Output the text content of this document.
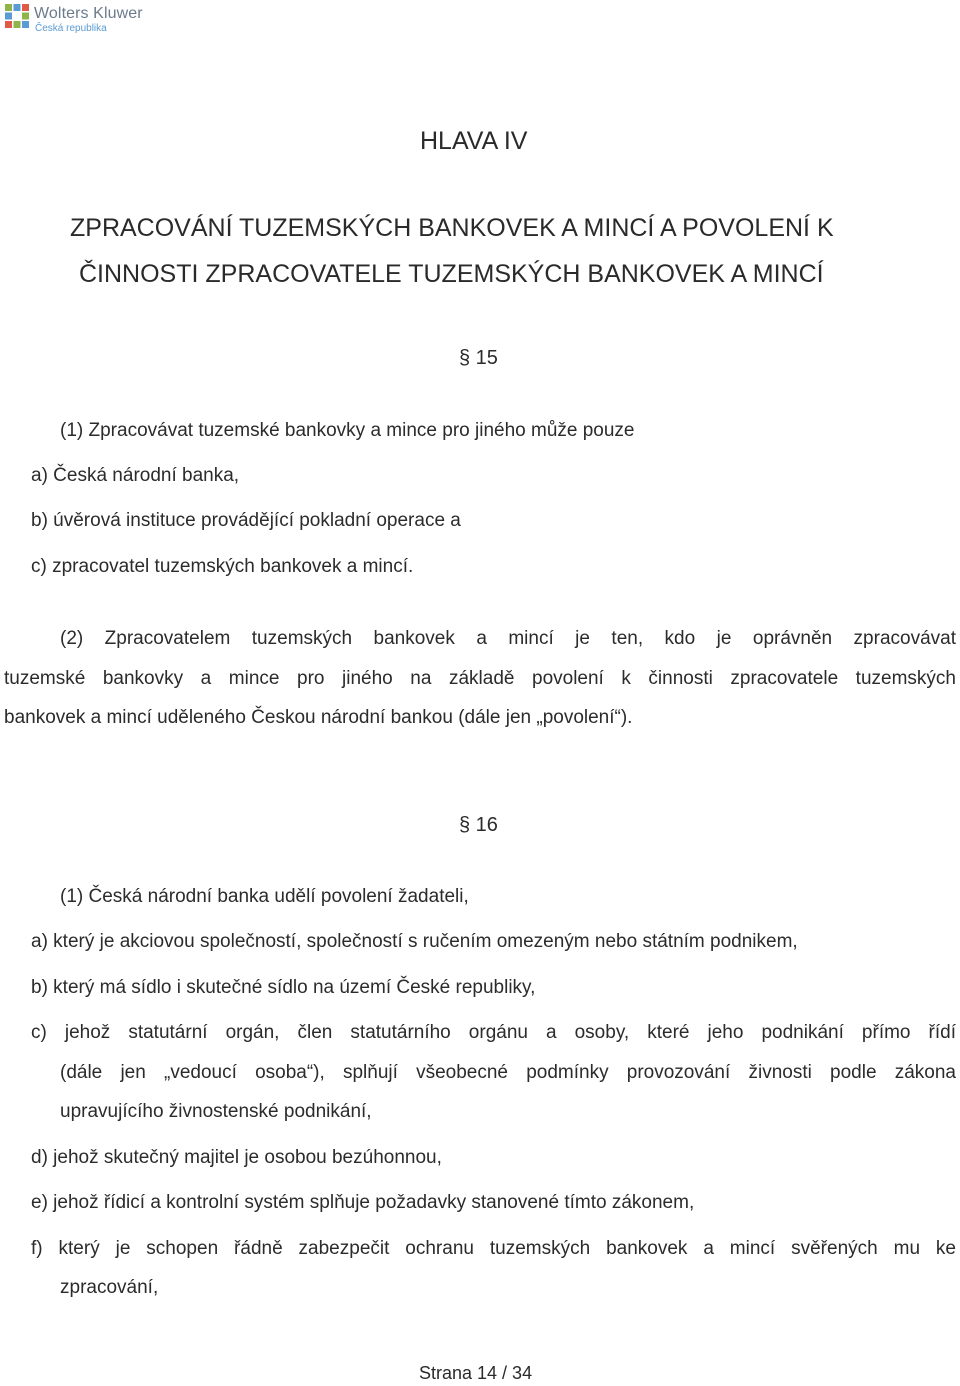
Wolters Kluwer
Česká republika
HLAVA IV
ZPRACOVÁNÍ TUZEMSKÝCH BANKOVEK A MINCÍ A POVOLENÍ K
ČINNOSTI ZPRACOVATELE TUZEMSKÝCH BANKOVEK A MINCÍ
§ 15
(1) Zpracovávat tuzemské bankovky a mince pro jiného může pouze
a) Česká národní banka,
b) úvěrová instituce provádějící pokladní operace a
c) zpracovatel tuzemských bankovek a mincí.
(2) Zpracovatelem tuzemských bankovek a mincí je ten, kdo je oprávněn zpracovávat
tuzemské bankovky a mince pro jiného na základě povolení k činnosti zpracovatele tuzemských
bankovek a mincí uděleného Českou národní bankou (dále jen „povolení“).
§ 16
(1) Česká národní banka udělí povolení žadateli,
a) který je akciovou společností, společností s ručením omezeným nebo státním podnikem,
b) který má sídlo i skutečné sídlo na území České republiky,
c) jehož statutární orgán, člen statutárního orgánu a osoby, které jeho podnikání přímo řídí
(dále jen „vedoucí osoba“), splňují všeobecné podmínky provozování živnosti podle zákona
upravujícího živnostenské podnikání,
d) jehož skutečný majitel je osobou bezúhonnou,
e) jehož řídicí a kontrolní systém splňuje požadavky stanovené tímto zákonem,
f) který je schopen řádně zabezpečit ochranu tuzemských bankovek a mincí svěřených mu ke
zpracování,
Strana 14 / 34
